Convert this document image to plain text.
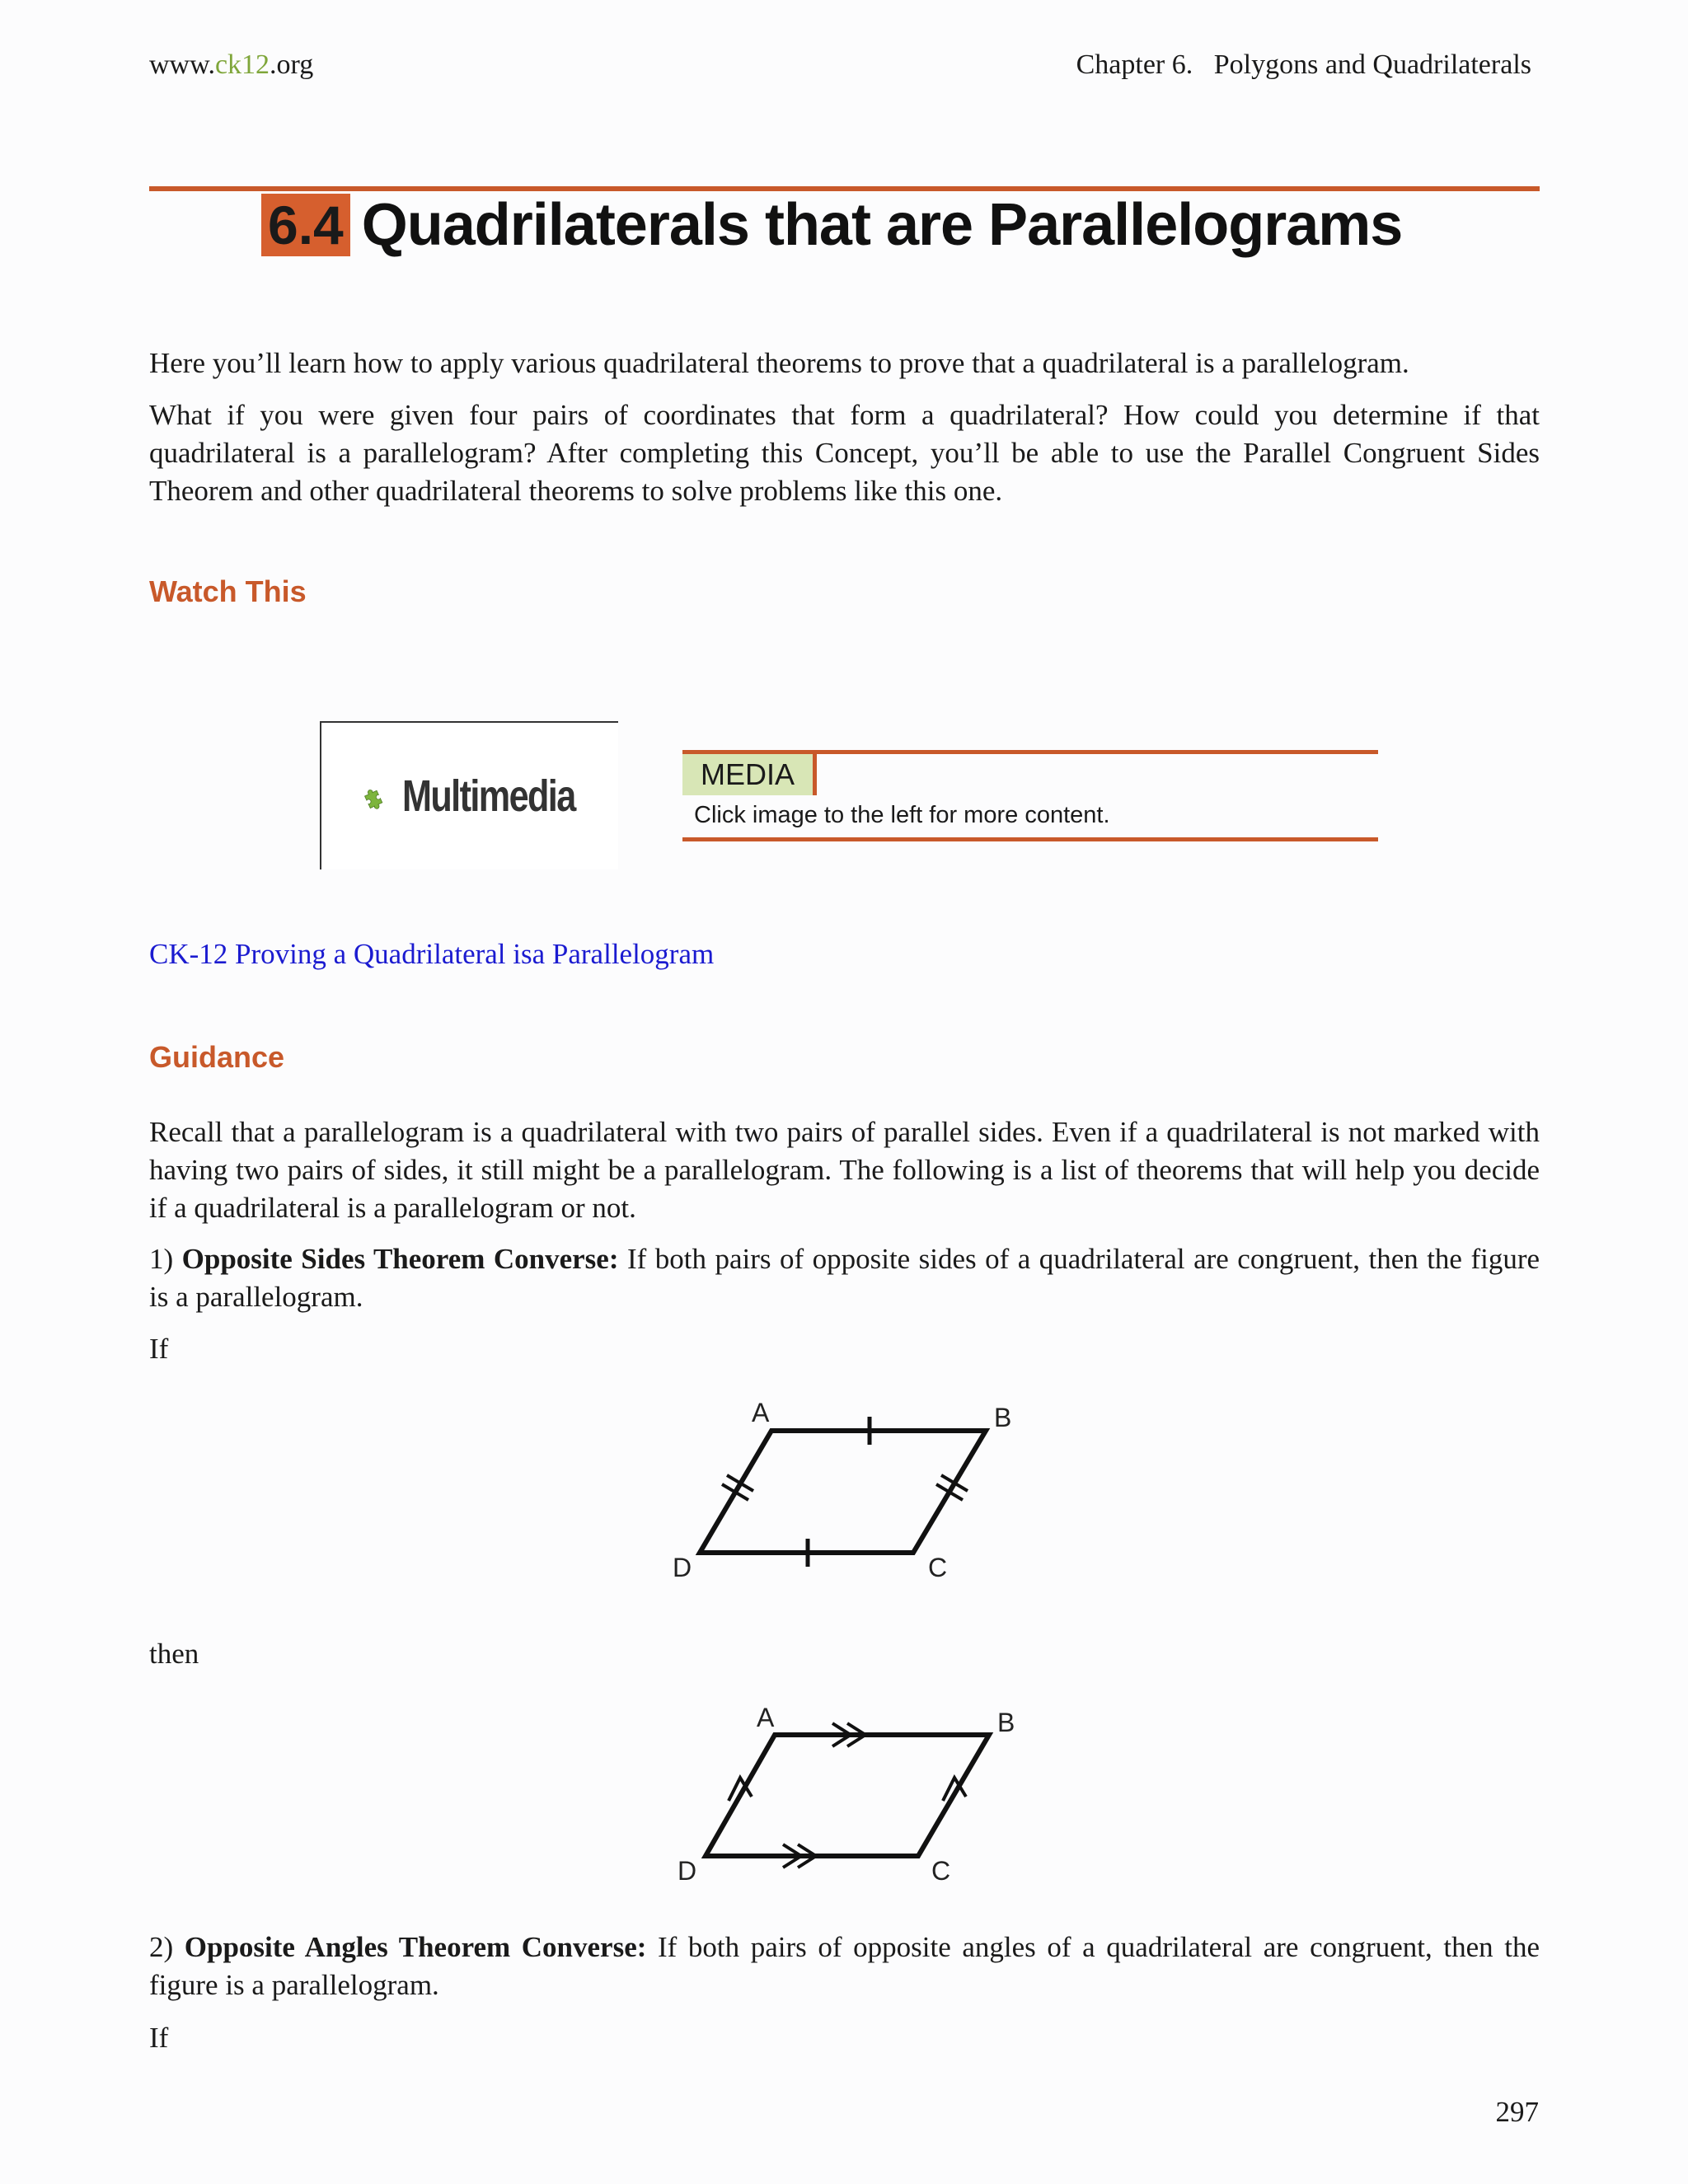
www.ck12.org	Chapter 6.   Polygons and Quadrilaterals
6.4 Quadrilaterals that are Parallelograms
Here you’ll learn how to apply various quadrilateral theorems to prove that a quadrilateral is a parallelogram.
What if you were given four pairs of coordinates that form a quadrilateral? How could you determine if that quadrilateral is a parallelogram? After completing this Concept, you’ll be able to use the Parallel Congruent Sides Theorem and other quadrilateral theorems to solve problems like this one.
Watch This
Multimedia	MEDIA
Click image to the left for more content.
CK-12 Proving a Quadrilateral isa Parallelogram
Guidance
Recall that a parallelogram is a quadrilateral with two pairs of parallel sides. Even if a quadrilateral is not marked with having two pairs of sides, it still might be a parallelogram. The following is a list of theorems that will help you decide if a quadrilateral is a parallelogram or not.
1) Opposite Sides Theorem Converse: If both pairs of opposite sides of a quadrilateral are congruent, then the figure is a parallelogram.
If
A	B
C
D
then
A	B
C
D
2) Opposite Angles Theorem Converse: If both pairs of opposite angles of a quadrilateral are congruent, then the figure is a parallelogram.
If
297
